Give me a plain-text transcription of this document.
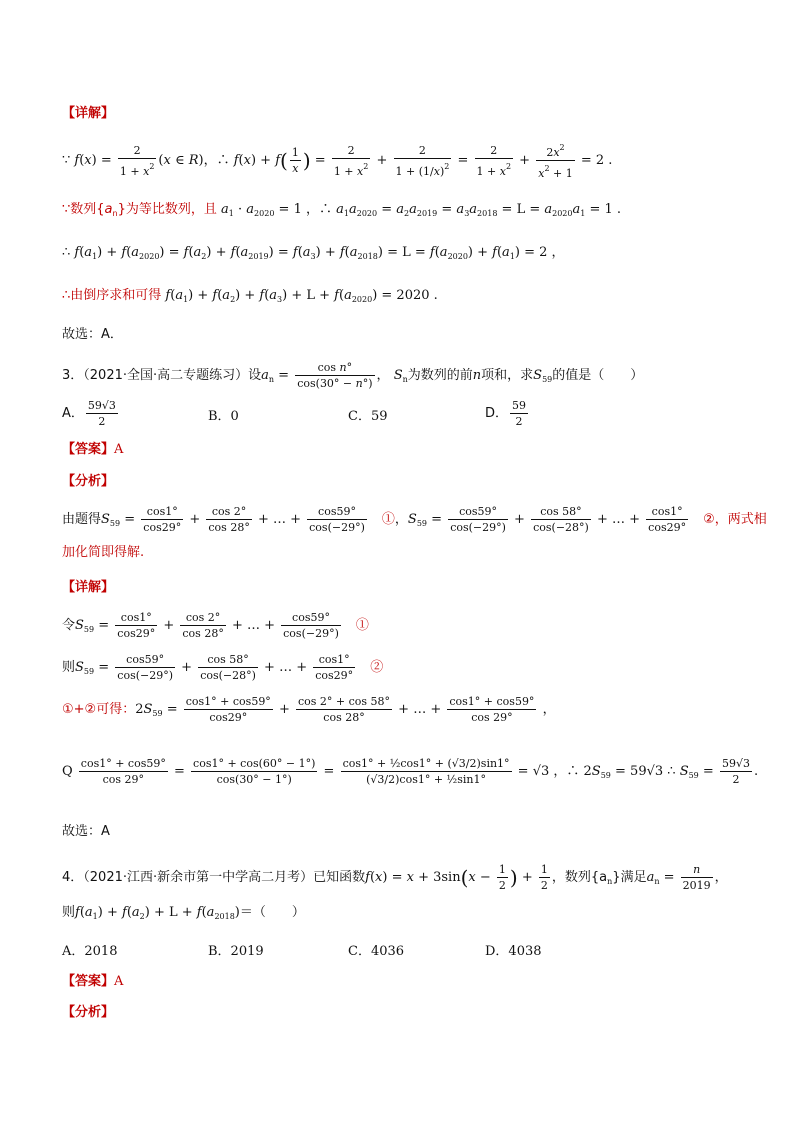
【详解】
∵ $f(x) = \frac{2}{1 + x^2} (x$ ∈ R)，∴ $f(x) + f( \frac{1}{x}$ ) = $\frac{2}{1 + x^2} + \frac{2}{1 + (1/x)^2} = \frac{2}{1 + x^2} + \frac{2x^2}{x^2 + 1} = 2$ .
∵数列$\{a_n\}$为等比数列，且 $a_1 \cdot a_{2020} = 1$ ，∴ $a_1a_{2020} = a_2a_{2019} = a_3a_{2018} = L = a_{2020}a_1 = 1$ .
∴ $f(a_1) + f(a_{2020}) = f(a_2) + f(a_{2019}) = f(a_3) + f(a_{2018}) = L = f(a_{2020}) + f(a_1) = 2$ ，
∴由倒序求和可得 $f(a_1) + f(a_2) + f(a_3) + L + f(a_{2020}) = 2020$ .
故选：A．
3．（2021·全国·高二专题练习）设$a_n = \frac{\text{cos n°}}{\cos(30^\circ - n^\circ)}$ ， $S_n$为数列的前n项和，求$S_{59}$的值是（　　）
A． $\frac{59√3}{2}$	B．0	C．59	D． $\frac{59}{2}$
【答案】A
【分析】
由题得$S_{59} = \frac{\cos 1^\circ}{\cos 29^\circ} + \frac{\cos 2^\circ}{\cos 28^\circ}$ + … + $\frac{\cos 59^\circ}{\cos(-29^\circ)}$
　 ①，$S_{59} = \frac{\cos 59^\circ}{\cos(-29^\circ)} + \frac{\cos 58^\circ}{\cos(-28^\circ)}$ + … + $\frac{\cos 1^\circ}{\cos 29^\circ}$
　 ②，两式相
加化简即得解.
【详解】
令$S_{59} = \frac{\cos 1^\circ}{\cos 29^\circ} + \frac{\cos 2^\circ}{\cos 28^\circ}$ + … + $\frac{\cos 59^\circ}{\cos(-29^\circ)}$
　 ①
则$S_{59} = \frac{\cos 59^\circ}{\cos(-29^\circ)} + \frac{\cos 58^\circ}{\cos(-28^\circ)}$ + … + $\frac{\cos 1^\circ}{\cos 29^\circ}$
　 ②
①+②可得：$2S_{59} = \frac{\cos 1^\circ + \cos 59^\circ}{\cos 29^\circ} + \frac{\cos 2^\circ + \cos 58^\circ}{\cos 28^\circ}$ + … + $\frac{\cos 1^\circ + \cos 59^\circ}{\cos 29^\circ}$ ，
Q $\frac{\cos 1^\circ + \cos 59^\circ}{\cos 29^\circ} = \frac{\cos 1^\circ + \cos(60^\circ - 1^\circ)}{\cos(30^\circ - 1^\circ)} = \frac{\text{cos1° + ½cos1° + (√3/2)sin1°}}{\text{(√3/2)cos1° + ½sin1°}} = √3$ ，∴ $2S_{59} = 59√3$ ∴ $S_{59} = \frac{59√3}{2}$ .
故选：A
4．（2021·江西·新余市第一中学高二月考）已知函数$f(x) = x + 3\sin(x - \frac{1}{2}$ ) + $\frac{1}{2}$ ，数列$\{a_n\}$满足$a_n = \frac{n}{2019}$ ，
则$f(a_1) + f(a_2) + L + f(a_{2018})=$（　　）
A．2018	B．2019	C．4036	D．4038
【答案】A
【分析】
